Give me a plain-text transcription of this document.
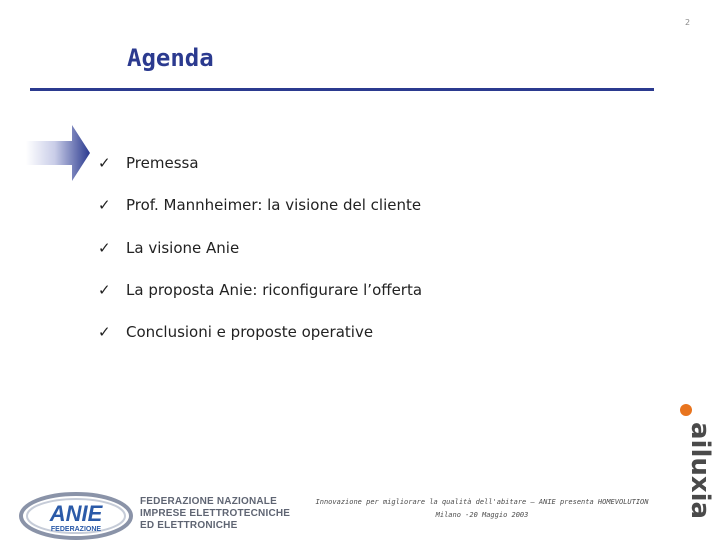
2
Agenda
✓	Premessa
✓	Prof. Mannheimer: la visione del cliente
✓	La visione Anie
✓	La proposta Anie: riconfigurare l’offerta
✓	Conclusioni e proposte operative
ANIE
FEDERAZIONE
FEDERAZIONE NAZIONALE
IMPRESE ELETTROTECNICHE
ED ELETTRONICHE
Innovazione per migliorare la qualità dell'abitare – ANIE presenta HOMEVOLUTION
Milano -20 Maggio 2003	ailuxia
